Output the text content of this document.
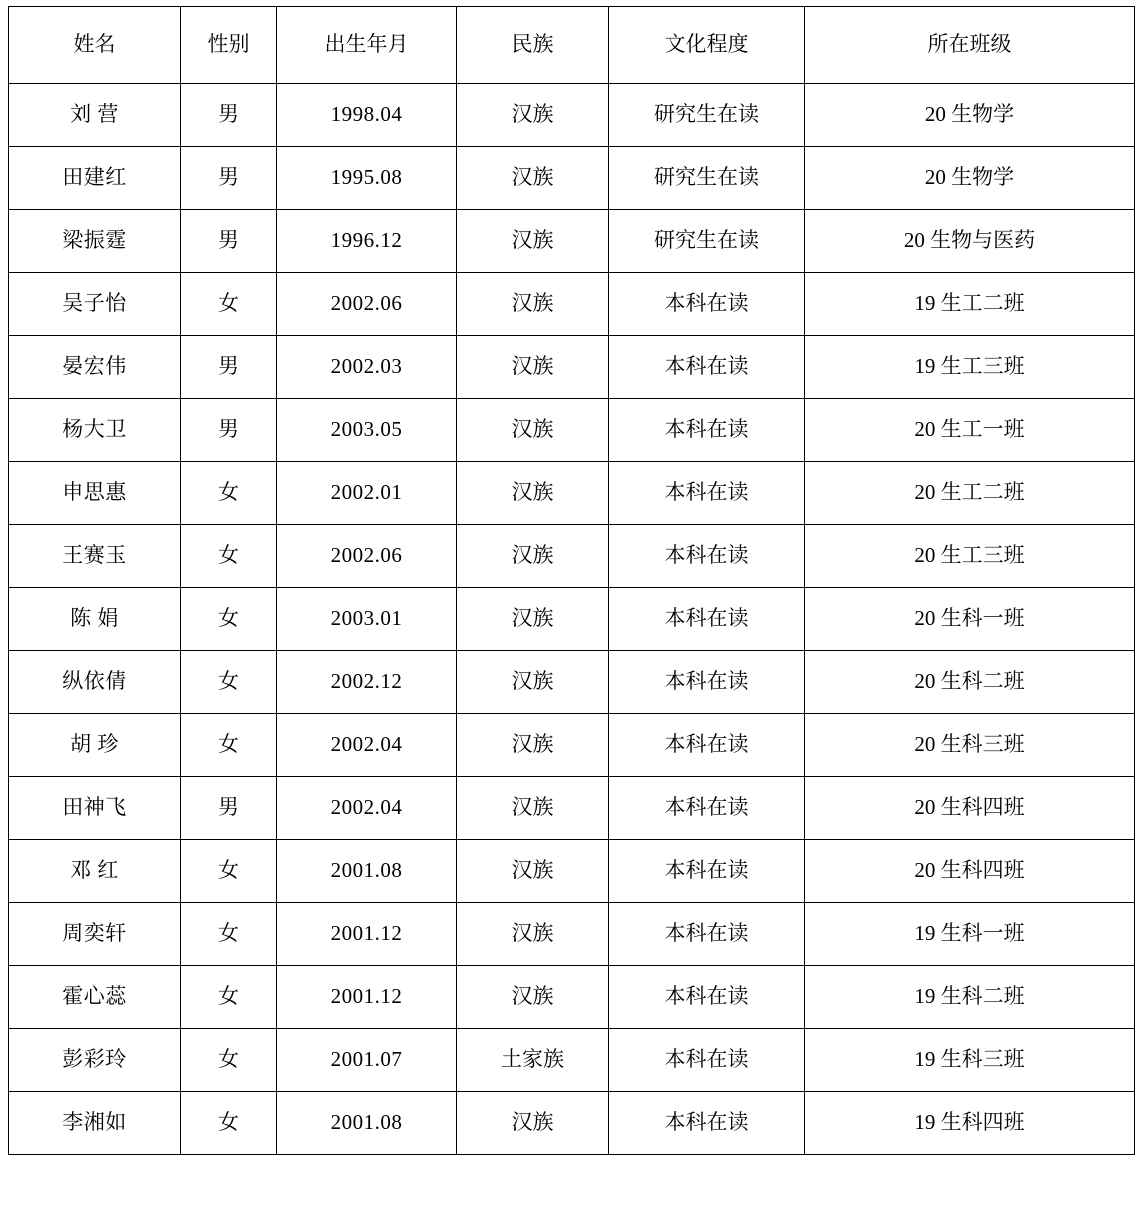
姓名	性别	出生年月	民族	文化程度	所在班级
刘 营	男	1998.04	汉族	研究生在读	20 生物学
田建红	男	1995.08	汉族	研究生在读	20 生物学
梁振霆	男	1996.12	汉族	研究生在读	20 生物与医药
吴子怡	女	2002.06	汉族	本科在读	19 生工二班
晏宏伟	男	2002.03	汉族	本科在读	19 生工三班
杨大卫	男	2003.05	汉族	本科在读	20 生工一班
申思惠	女	2002.01	汉族	本科在读	20 生工二班
王赛玉	女	2002.06	汉族	本科在读	20 生工三班
陈 娟	女	2003.01	汉族	本科在读	20 生科一班
纵依倩	女	2002.12	汉族	本科在读	20 生科二班
胡 珍	女	2002.04	汉族	本科在读	20 生科三班
田神飞	男	2002.04	汉族	本科在读	20 生科四班
邓 红	女	2001.08	汉族	本科在读	20 生科四班
周奕轩	女	2001.12	汉族	本科在读	19 生科一班
霍心蕊	女	2001.12	汉族	本科在读	19 生科二班
彭彩玲	女	2001.07	土家族	本科在读	19 生科三班
李湘如	女	2001.08	汉族	本科在读	19 生科四班
